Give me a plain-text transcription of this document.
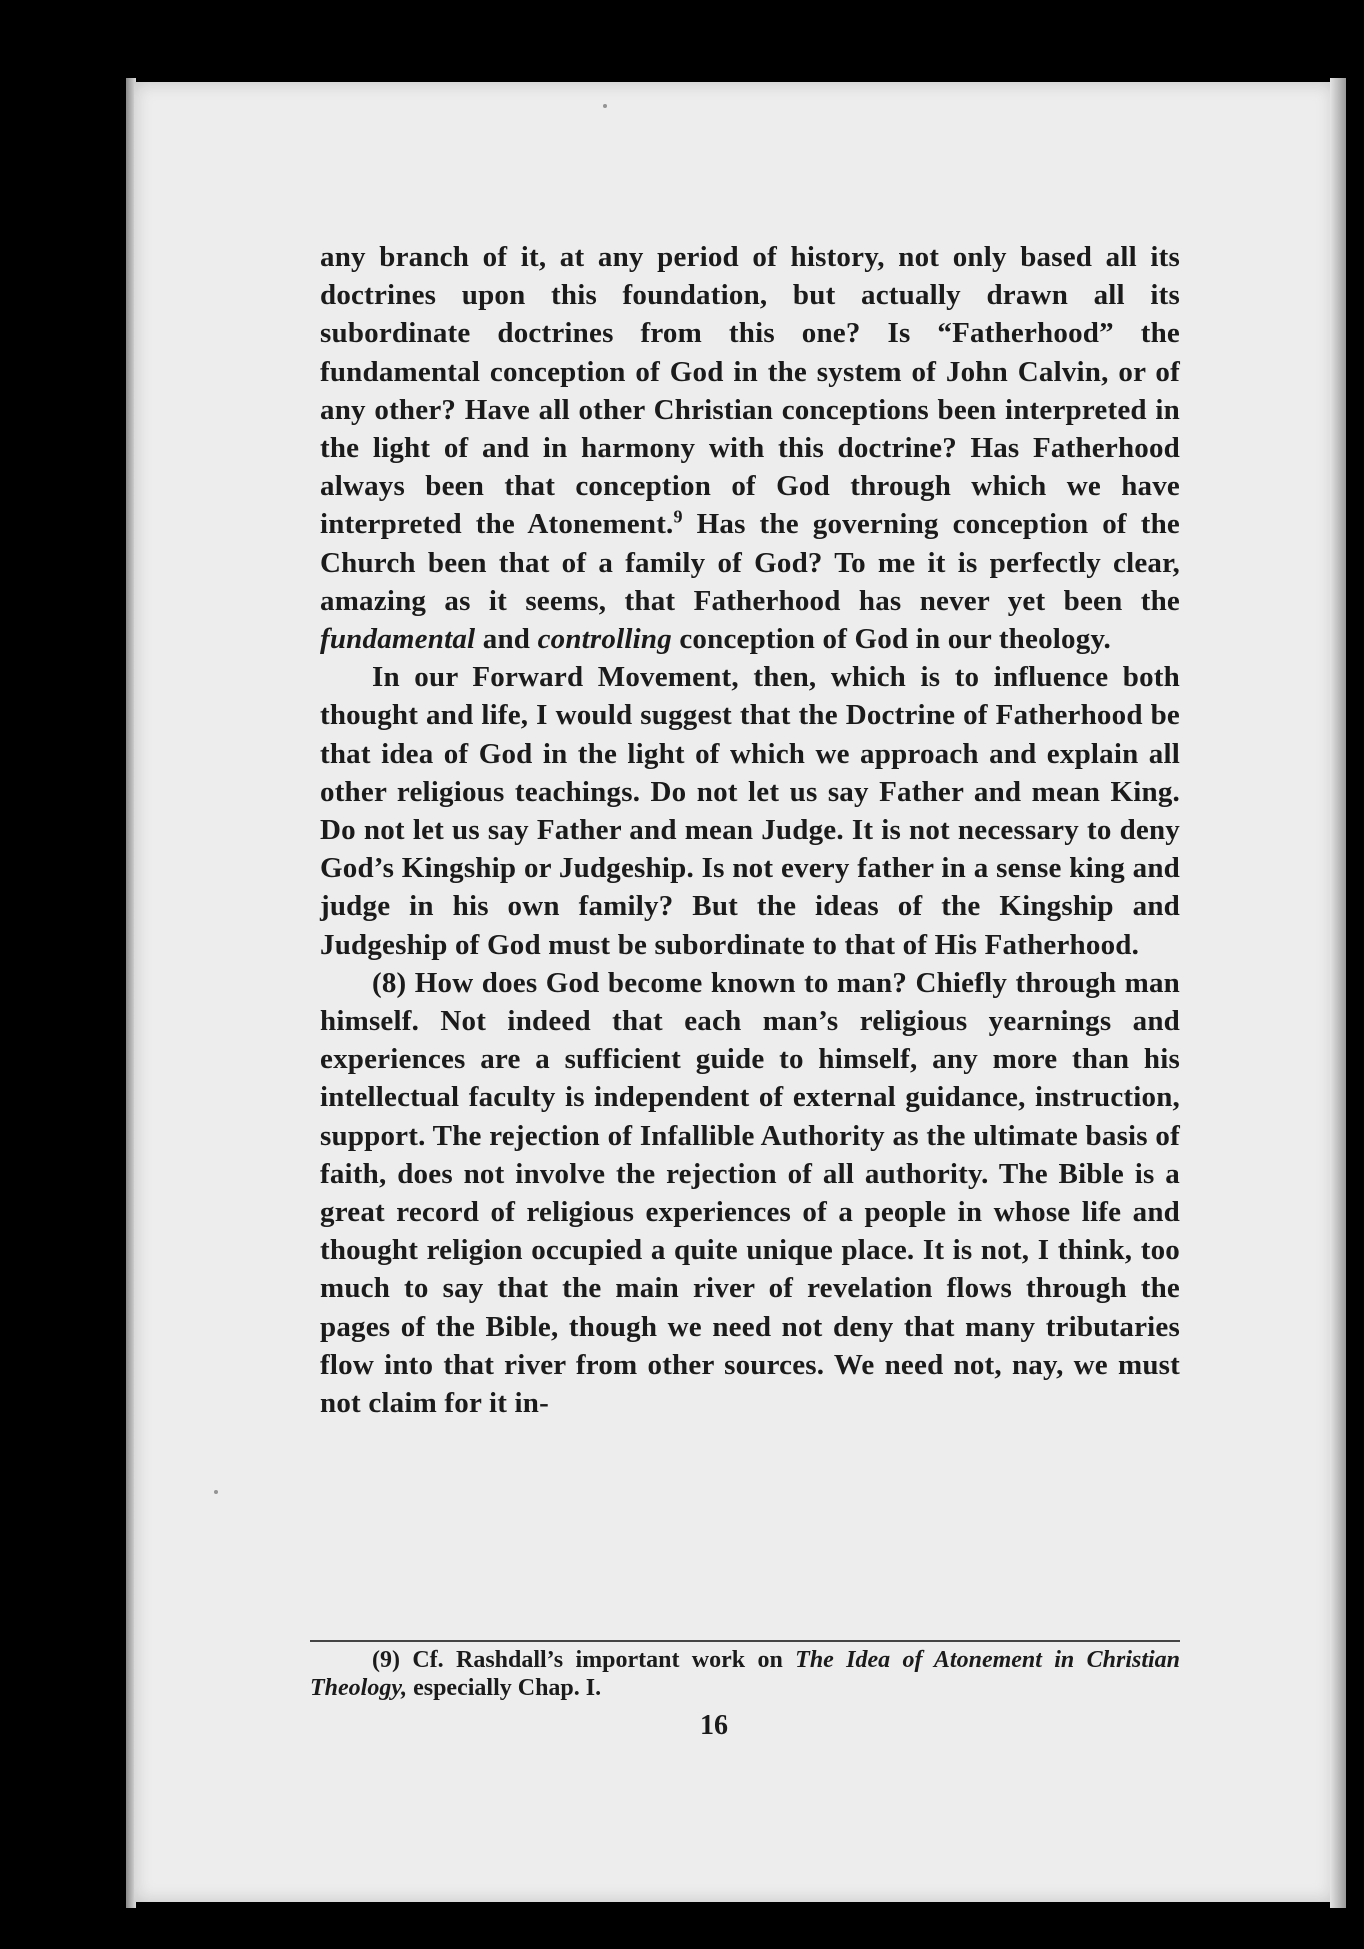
any branch of it, at any period of history, not only based all its doctrines upon this foundation, but actually drawn all its subordinate doctrines from this one? Is “Fatherhood” the fundamental conception of God in the system of John Calvin, or of any other? Have all other Christian conceptions been interpreted in the light of and in harmony with this doctrine? Has Fatherhood always been that conception of God through which we have interpreted the Atonement.$^9$ Has the governing conception of the Church been that of a family of God? To me it is perfectly clear, amazing as it seems, that Fatherhood has never yet been the fundamental and controlling conception of God in our theology.

In our Forward Movement, then, which is to influence both thought and life, I would suggest that the Doctrine of Fatherhood be that idea of God in the light of which we approach and explain all other religious teachings. Do not let us say Father and mean King. Do not let us say Father and mean Judge. It is not necessary to deny God’s Kingship or Judgeship. Is not every father in a sense king and judge in his own family? But the ideas of the Kingship and Judgeship of God must be subordinate to that of His Fatherhood.

(8) How does God become known to man? Chiefly through man himself. Not indeed that each man’s religious yearnings and experiences are a sufficient guide to himself, any more than his intellectual faculty is independent of external guidance, instruction, support. The rejection of Infallible Authority as the ultimate basis of faith, does not involve the rejection of all authority. The Bible is a great record of religious experiences of a people in whose life and thought religion occupied a quite unique place. It is not, I think, too much to say that the main river of revelation flows through the pages of the Bible, though we need not deny that many tributaries flow into that river from other sources. We need not, nay, we must not claim for it in-

(9) Cf. Rashdall’s important work on The Idea of Atonement in Christian Theology, especially Chap. I.

16
